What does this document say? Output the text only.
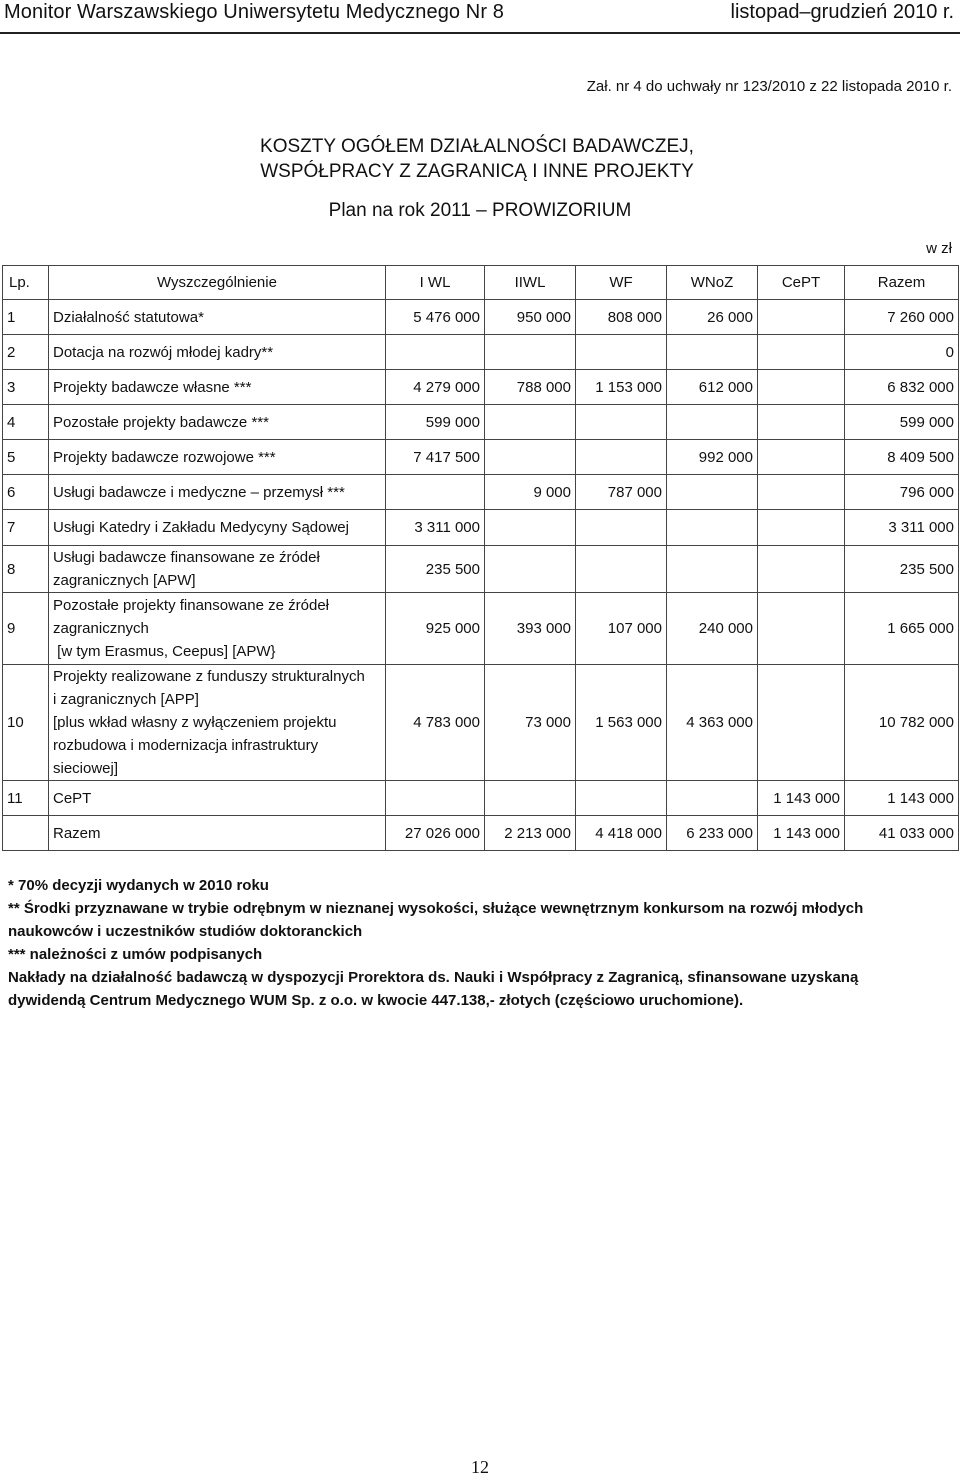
Monitor Warszawskiego Uniwersytetu Medycznego Nr 8	listopad–grudzień 2010 r.
Zał. nr 4 do uchwały nr 123/2010 z 22 listopada 2010 r.
KOSZTY OGÓŁEM DZIAŁALNOŚCI BADAWCZEJ,
WSPÓŁPRACY Z ZAGRANICĄ I INNE PROJEKTY
Plan na rok 2011 – PROWIZORIUM
w zł
Lp.	Wyszczególnienie	I WL	IIWL	WF	WNoZ	CePT	Razem
1	Działalność statutowa*	5 476 000	950 000	808 000	26 000		7 260 000
2	Dotacja na rozwój młodej kadry**						0
3	Projekty badawcze własne ***	4 279 000	788 000	1 153 000	612 000		6 832 000
4	Pozostałe projekty badawcze ***	599 000					599 000
5	Projekty badawcze rozwojowe ***	7 417 500			992 000		8 409 500
6	Usługi badawcze i medyczne – przemysł ***		9 000	787 000			796 000
7	Usługi Katedry i Zakładu Medycyny Sądowej	3 311 000					3 311 000
8	Usługi badawcze finansowane ze źródeł
zagranicznych [APW]	235 500					235 500
9	Pozostałe projekty finansowane ze źródeł
zagranicznych
[w tym Erasmus, Ceepus] [APW}	925 000	393 000	107 000	240 000		1 665 000
10	Projekty realizowane z funduszy strukturalnych
i zagranicznych [APP]
[plus wkład własny z wyłączeniem projektu
rozbudowa i modernizacja infrastruktury
sieciowej]	4 783 000	73 000	1 563 000	4 363 000		10 782 000
11	CePT					1 143 000	1 143 000

	Razem	27 026 000	2 213 000	4 418 000	6 233 000	1 143 000	41 033 000
* 70% decyzji wydanych w 2010 roku
** Środki przyznawane w trybie odrębnym w nieznanej wysokości, służące wewnętrznym konkursom na rozwój młodych
naukowców i uczestników studiów doktoranckich
*** należności z umów podpisanych
Nakłady na działalność badawczą w dyspozycji Prorektora ds. Nauki i Współpracy z Zagranicą, sfinansowane uzyskaną
dywidendą Centrum Medycznego WUM Sp. z o.o. w kwocie 447.138,- złotych (częściowo uruchomione).
12
